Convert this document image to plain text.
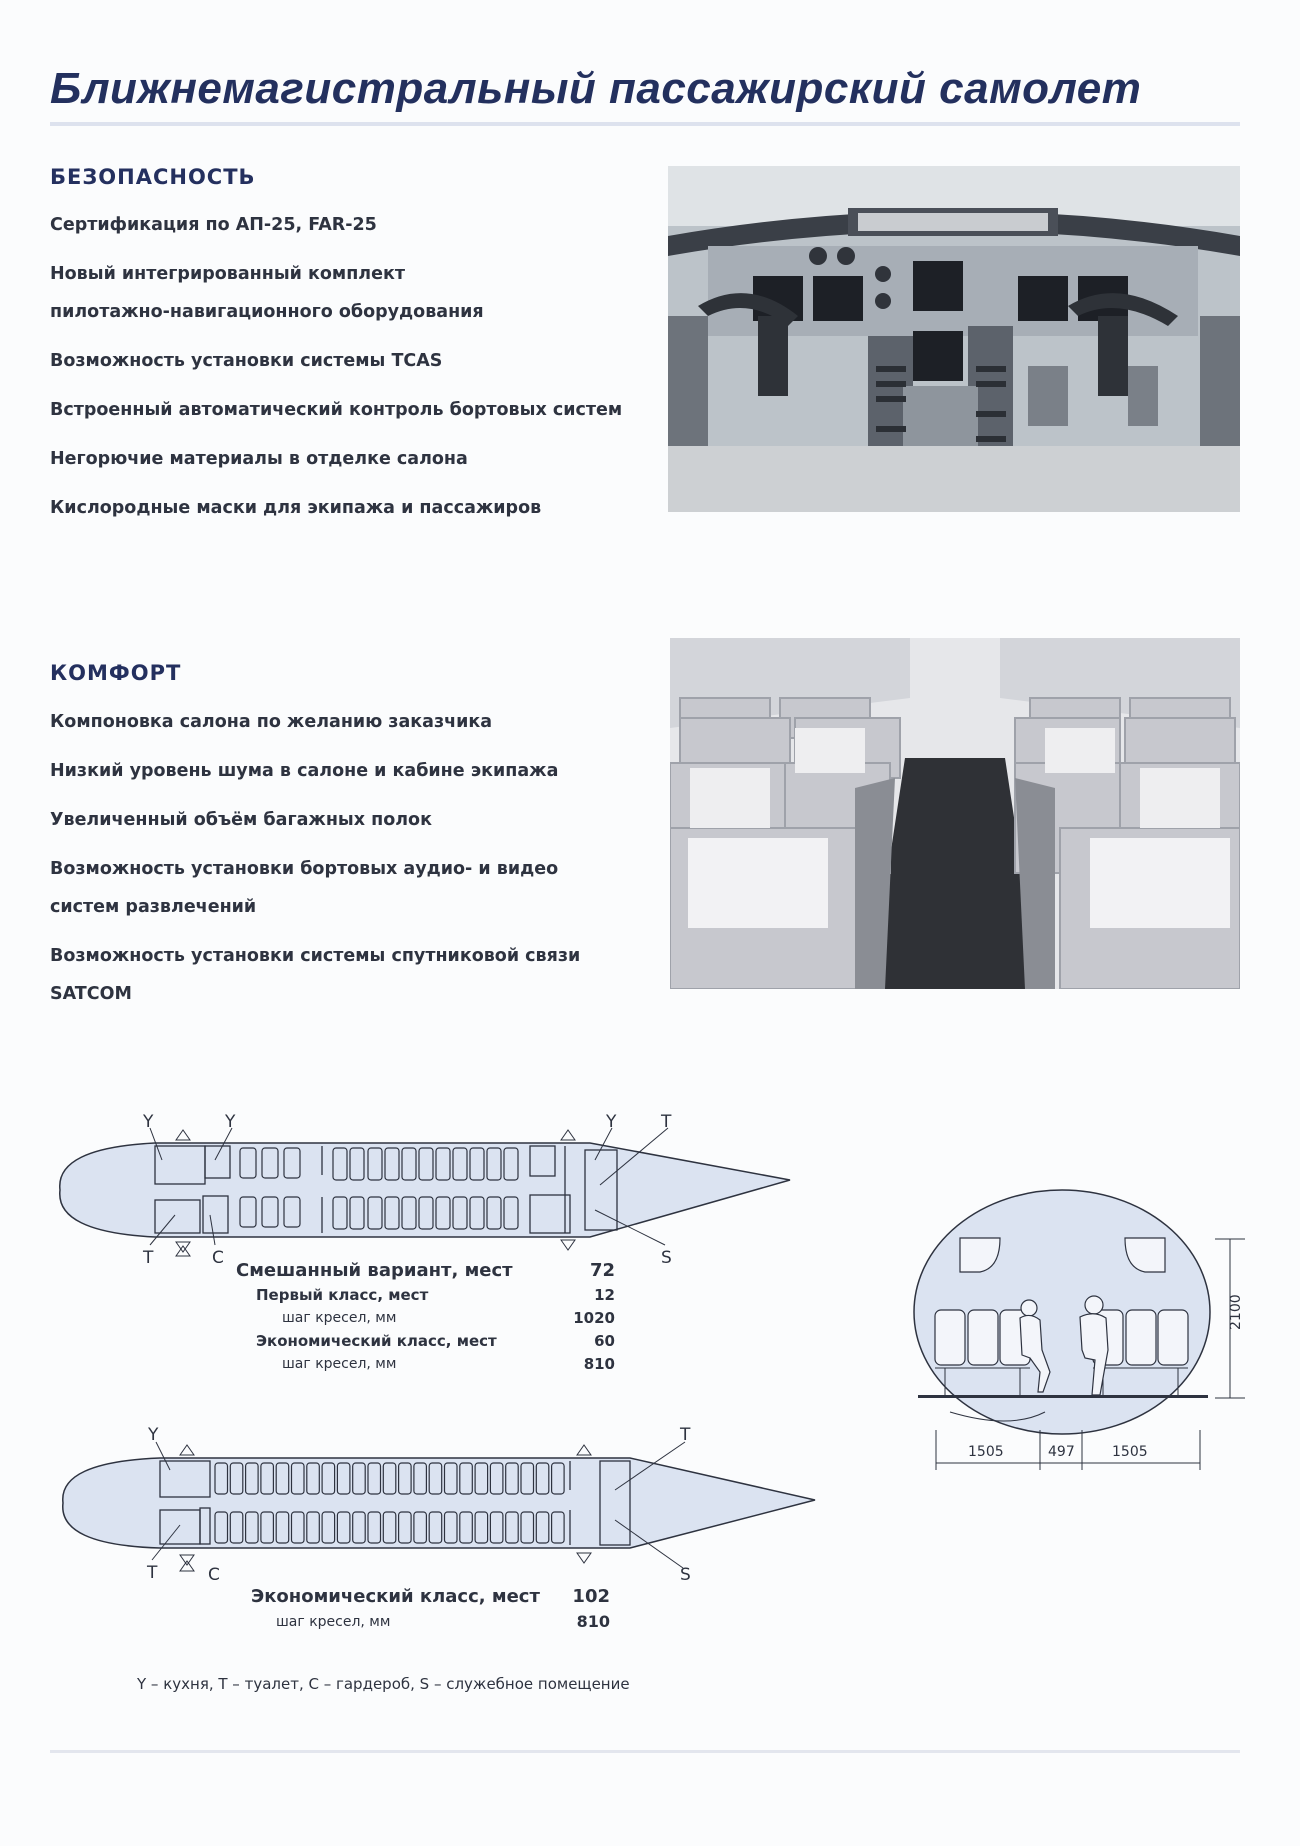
Ближнемагистральный пассажирский самолет
БЕЗОПАСНОСТЬ
Сертификация по АП-25, FAR-25
Новый интегрированный комплект пилотажно-навигационного оборудования
Возможность установки системы TCAS
Встроенный автоматический контроль бортовых систем
Негорючие материалы в отделке салона
Кислородные маски для экипажа и пассажиров
КОМФОРТ
Компоновка салона по желанию заказчика
Низкий уровень шума в салоне и кабине экипажа
Увеличенный объём багажных полок
Возможность установки бортовых аудио- и видео систем развлечений
Возможность установки системы спутниковой связи SATCOM
Y	Y	Y	T
T	C	S
Y	T
T	C	S
2100
1505	497	1505
Смешанный вариант, мест	72
Первый класс, мест	12
шаг кресел, мм	1020
Экономический класс, мест	60
шаг кресел, мм	810
Экономический класс, мест	102
шаг кресел, мм	810
Y – кухня, T – туалет, C – гардероб, S – служебное помещение
